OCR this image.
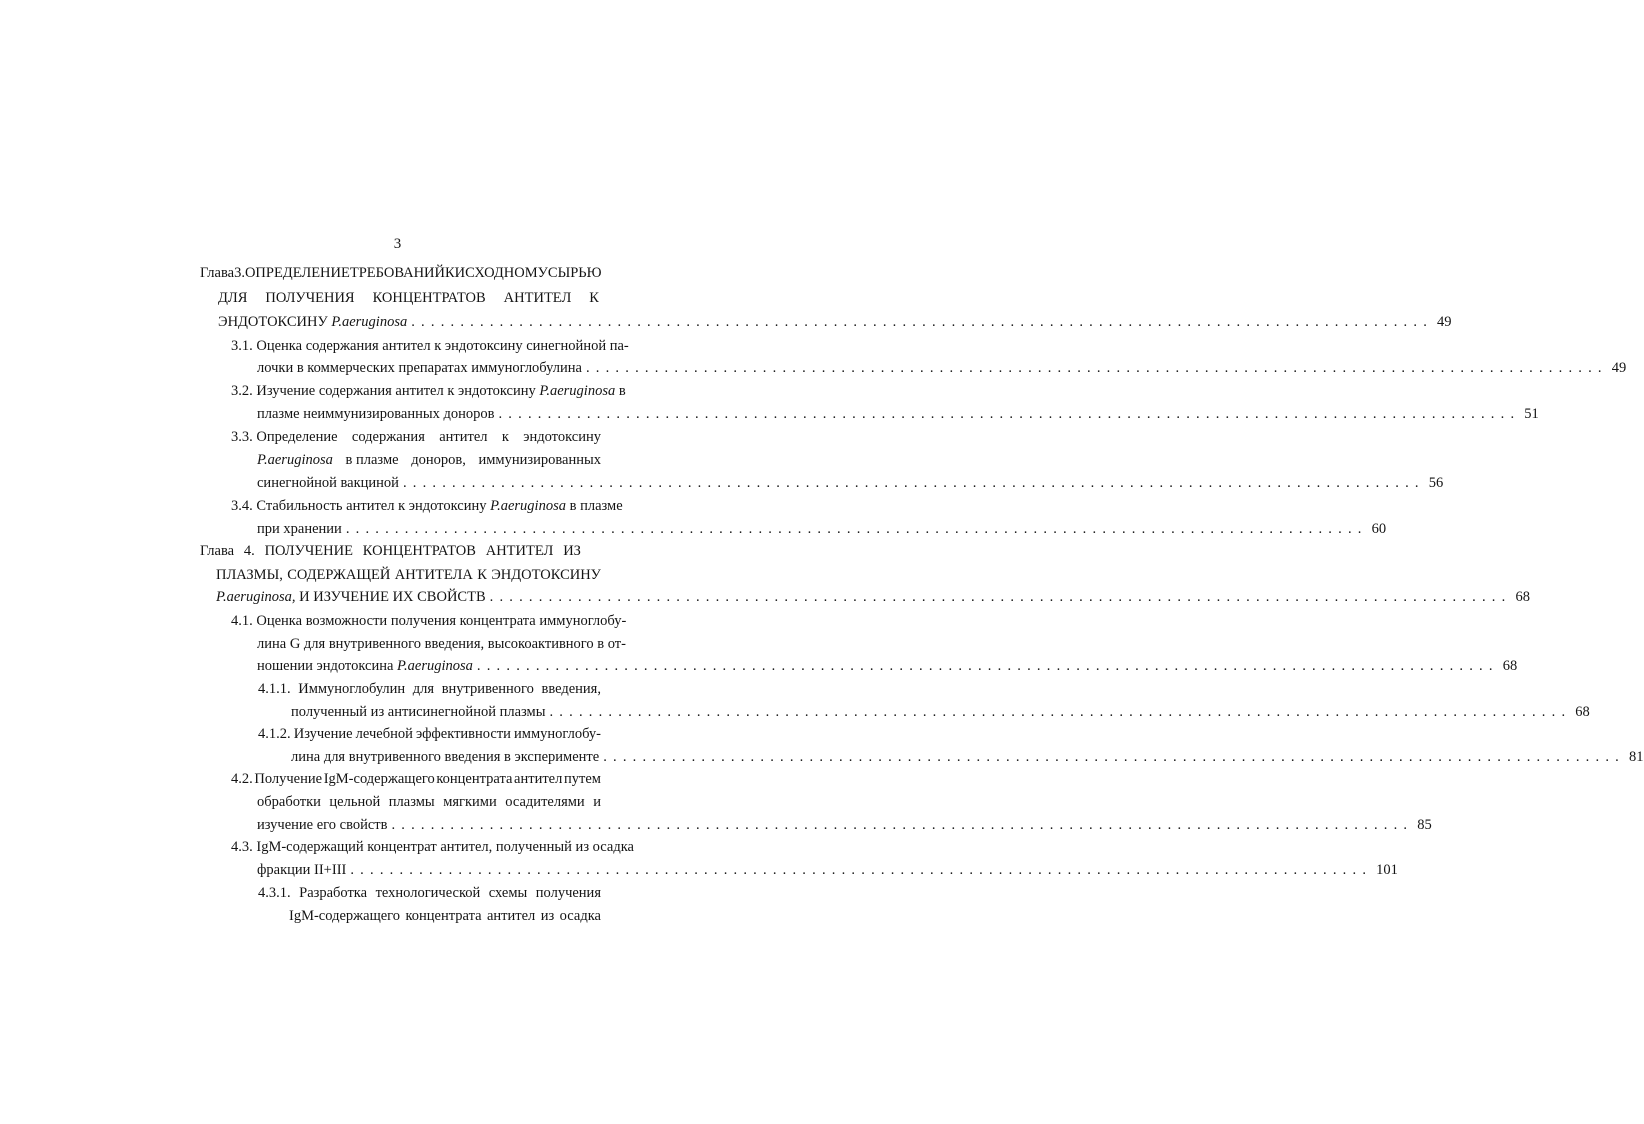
3
Глава 3. ОПРЕДЕЛЕНИЕ ТРЕБОВАНИЙ К ИСХОДНОМУ СЫРЬЮ
ДЛЯ ПОЛУЧЕНИЯ КОНЦЕНТРАТОВ АНТИТЕЛ К
ЭНДОТОКСИНУ P.aeruginosa ........................................................................................................ 49
3.1. Оценка содержания антител к эндотоксину синегнойной па-
лочки в коммерческих препаратах иммуноглобулина ........................................................................................................ 49
3.2. Изучение содержания антител к эндотоксину P.aeruginosa в
плазме неиммунизированных доноров ........................................................................................................ 51
3.3. Определение содержания антител к эндотоксину
P.aeruginosa в плазме доноров, иммунизированных
синегнойной вакциной ........................................................................................................ 56
3.4. Стабильность антител к эндотоксину P.aeruginosa в плазме
при хранении ........................................................................................................ 60
Глава 4. ПОЛУЧЕНИЕ КОНЦЕНТРАТОВ АНТИТЕЛ ИЗ
ПЛАЗМЫ, СОДЕРЖАЩЕЙ АНТИТЕЛА К ЭНДОТОКСИНУ
P.aeruginosa, И ИЗУЧЕНИЕ ИХ СВОЙСТВ ........................................................................................................ 68
4.1. Оценка возможности получения концентрата иммуноглобу-
лина G для внутривенного введения, высокоактивного в от-
ношении эндотоксина P.aeruginosa ........................................................................................................ 68
4.1.1. Иммуноглобулин для внутривенного введения,
полученный из антисинегнойной плазмы ........................................................................................................ 68
4.1.2. Изучение лечебной эффективности иммуноглобу-
лина для внутривенного введения в эксперименте ........................................................................................................ 81
4.2. Получение IgM-содержащего концентрата антител путем
обработки цельной плазмы мягкими осадителями и
изучение его свойств ........................................................................................................ 85
4.3. IgM-содержащий концентрат антител, полученный из осадка
фракции II+III ........................................................................................................ 101
4.3.1. Разработка технологической схемы получения
IgM-содержащего концентрата антител из осадка
